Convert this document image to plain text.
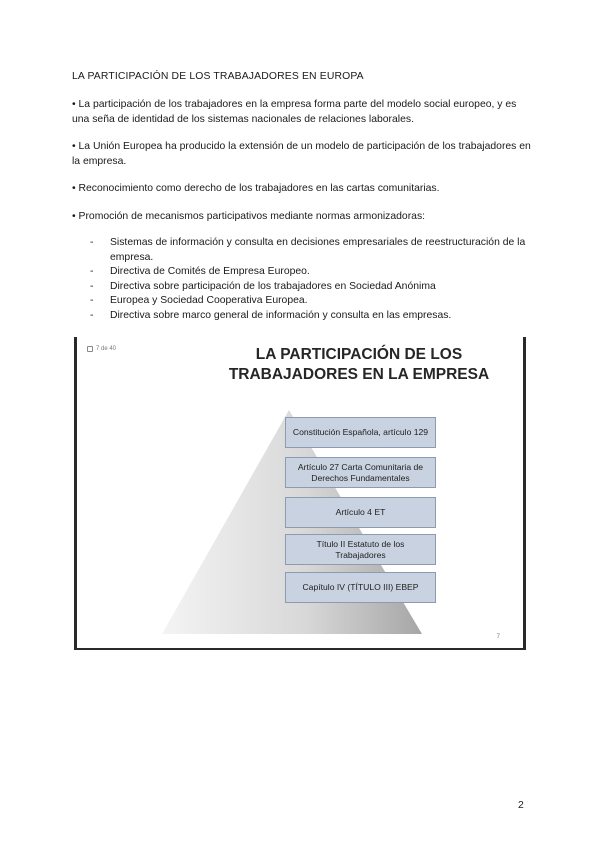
LA PARTICIPACIÓN DE LOS TRABAJADORES EN EUROPA
• La participación de los trabajadores en la empresa forma parte del modelo social europeo, y es una seña de identidad de los sistemas nacionales de relaciones laborales.
• La Unión Europea ha producido la extensión de un modelo de participación de los trabajadores en la empresa.
• Reconocimiento como derecho de los trabajadores en las cartas comunitarias.
• Promoción de mecanismos participativos mediante normas armonizadoras:
- Sistemas de información y consulta en decisiones empresariales de reestructuración de la empresa.
- Directiva de Comités de Empresa Europeo.
- Directiva sobre participación de los trabajadores en Sociedad Anónima
- Europea y Sociedad Cooperativa Europea.
- Directiva sobre marco general de información y consulta en las empresas.
7 de 40	LA PARTICIPACIÓN DE LOS TRABAJADORES EN LA EMPRESA
Constitución Española, artículo 129
Artículo 27 Carta Comunitaria de Derechos Fundamentales
Artículo 4 ET
Título II Estatuto de los Trabajadores
Capítulo IV (TÍTULO III) EBEP
7
2
